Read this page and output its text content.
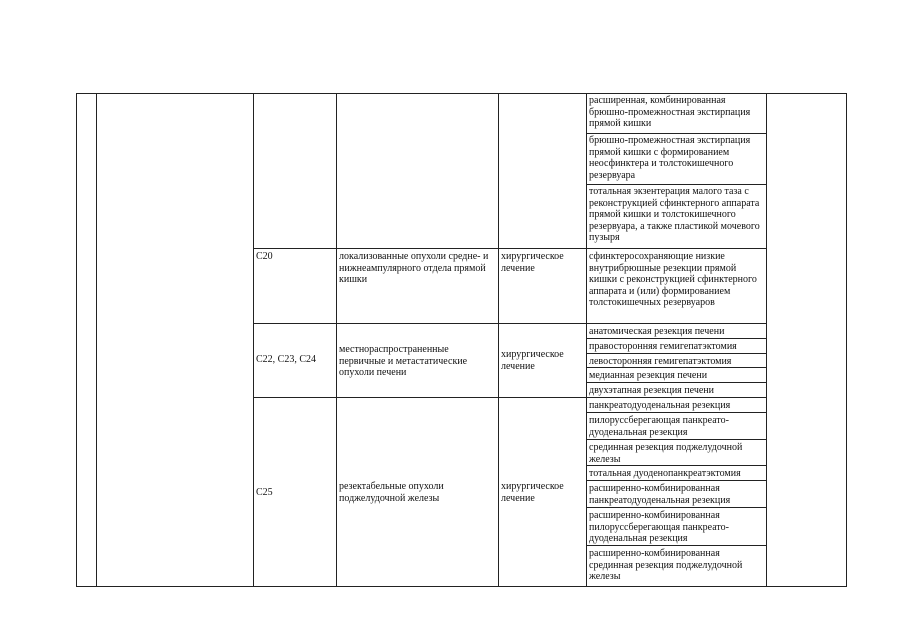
расширенная, комбинированная брюшно-промежностная экстирпация прямой кишки
брюшно-промежностная экстирпация прямой кишки с формированием неосфинктера и толстокишечного резервуара
тотальная экзентерация малого таза с реконструкцией сфинктерного аппарата прямой кишки и толстокишечного резервуара, а также пластикой мочевого пузыря
C20	локализованные опухоли средне- и нижнеампулярного отдела прямой кишки
хирургическое лечение
сфинктеросохраняющие низкие внутрибрюшные резекции прямой кишки с реконструкцией сфинктерного аппарата и (или) формированием толстокишечных резервуаров
C22, C23, C24
местнораспространенные первичные и метастатические опухоли печени
хирургическое лечение
анатомическая резекция печени
правосторонняя гемигепатэктомия
левосторонняя гемигепатэктомия
медианная резекция печени
двухэтапная резекция печени
C25
резектабельные опухоли поджелудочной железы
хирургическое лечение
панкреатодуоденальная резекция
пилоруссберегающая панкреато-дуоденальная резекция
срединная резекция поджелудочной железы
тотальная дуоденопанкреатэктомия
расширенно-комбинированная панкреатодуоденальная резекция
расширенно-комбинированная пилоруссберегающая панкреато-дуоденальная резекция
расширенно-комбинированная срединная резекция поджелудочной железы
